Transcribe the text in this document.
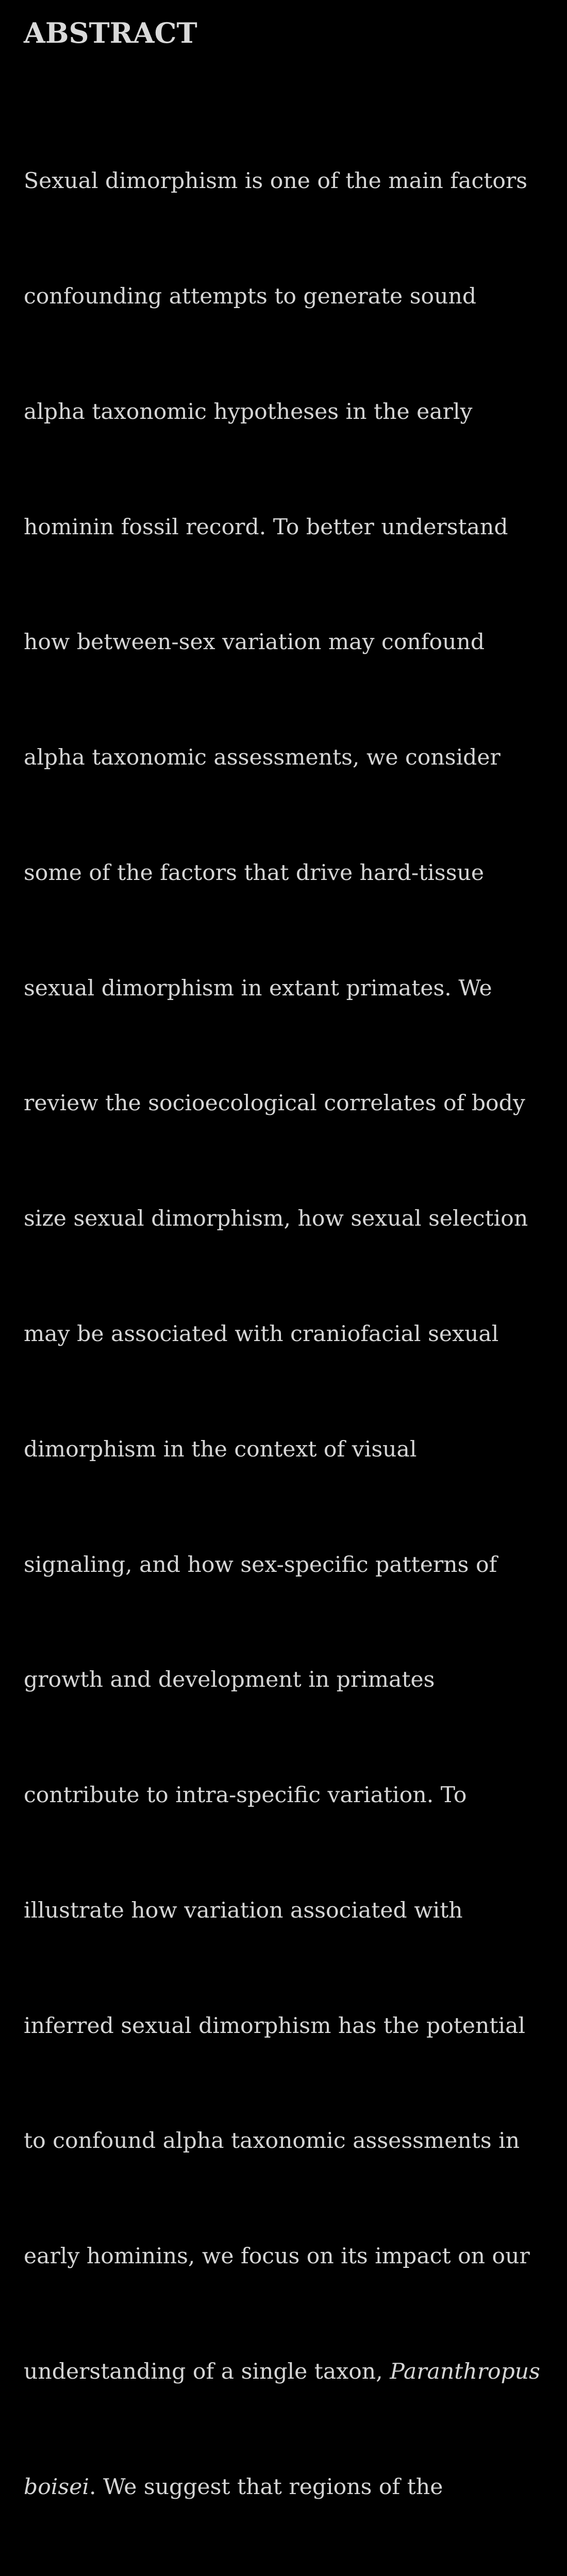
ABSTRACT

Sexual dimorphism is one of the main factors

confounding attempts to generate sound

alpha taxonomic hypotheses in the early

hominin fossil record. To better understand

how between-sex variation may confound

alpha taxonomic assessments, we consider

some of the factors that drive hard-tissue

sexual dimorphism in extant primates. We

review the socioecological correlates of body

size sexual dimorphism, how sexual selection

may be associated with craniofacial sexual

dimorphism in the context of visual

signaling, and how sex-specific patterns of

growth and development in primates

contribute to intra-specific variation. To

illustrate how variation associated with

inferred sexual dimorphism has the potential

to confound alpha taxonomic assessments in

early hominins, we focus on its impact on our

understanding of a single taxon, Paranthropus

boisei. We suggest that regions of the
